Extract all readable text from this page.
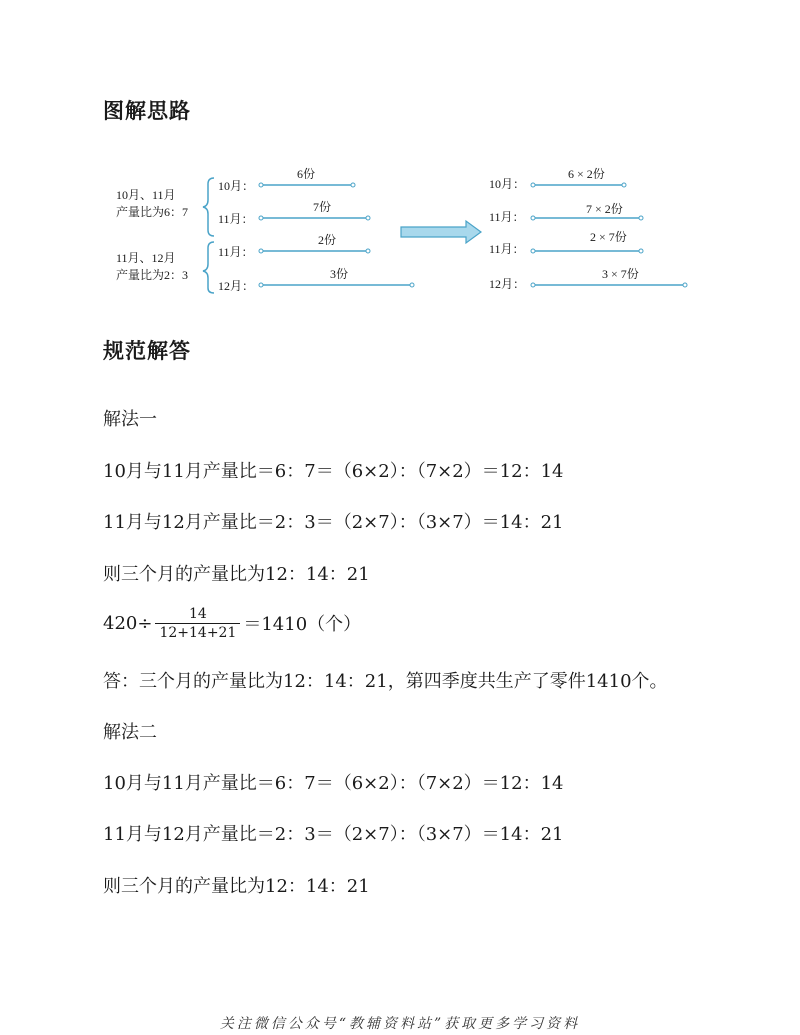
图解思路
10月、11月
产量比为6：7
11月、12月
产量比为2：3
10月：
6份
11月：
7份
11月：
2份
12月：
3份
10月：
6 × 2份
11月：
7 × 2份
11月：
2 × 7份
12月：
3 × 7份
规范解答

解法一

10月与11月产量比＝6：7＝（6×2）：（7×2）＝12：14

11月与12月产量比＝2：3＝（2×7）：（3×7）＝14：21

则三个月的产量比为12：14：21

$420\div \frac{14}{12+14+21} =1410$（个）

答：三个月的产量比为12：14：21，第四季度共生产了零件1410个。

解法二

10月与11月产量比＝6：7＝（6×2）：（7×2）＝12：14

11月与12月产量比＝2：3＝（2×7）：（3×7）＝14：21

则三个月的产量比为12：14：21

关注微信公众号“教辅资料站”获取更多学习资料
